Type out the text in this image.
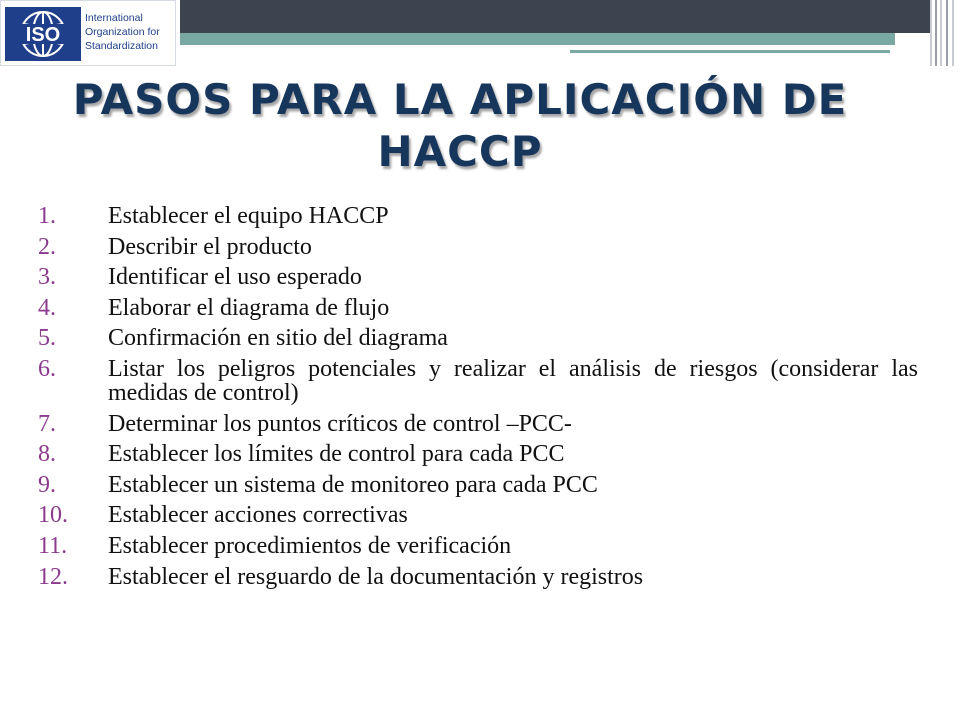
ISO
International
Organization for
Standardization
PASOS PARA LA APLICACIÓN DE
HACCP
1.	Establecer el equipo HACCP
2.	Describir el producto
3.	Identificar el uso esperado
4.	Elaborar el diagrama de flujo
5.	Confirmación en sitio del diagrama
6.	Listar los peligros potenciales y realizar el análisis de riesgos (considerar las medidas de control)
7.	Determinar los puntos críticos de control –PCC-
8.	Establecer los límites de control para cada PCC
9.	Establecer un sistema de monitoreo para cada PCC
10.	Establecer acciones correctivas
11.	Establecer procedimientos de verificación
12.	Establecer el resguardo de la documentación y registros
